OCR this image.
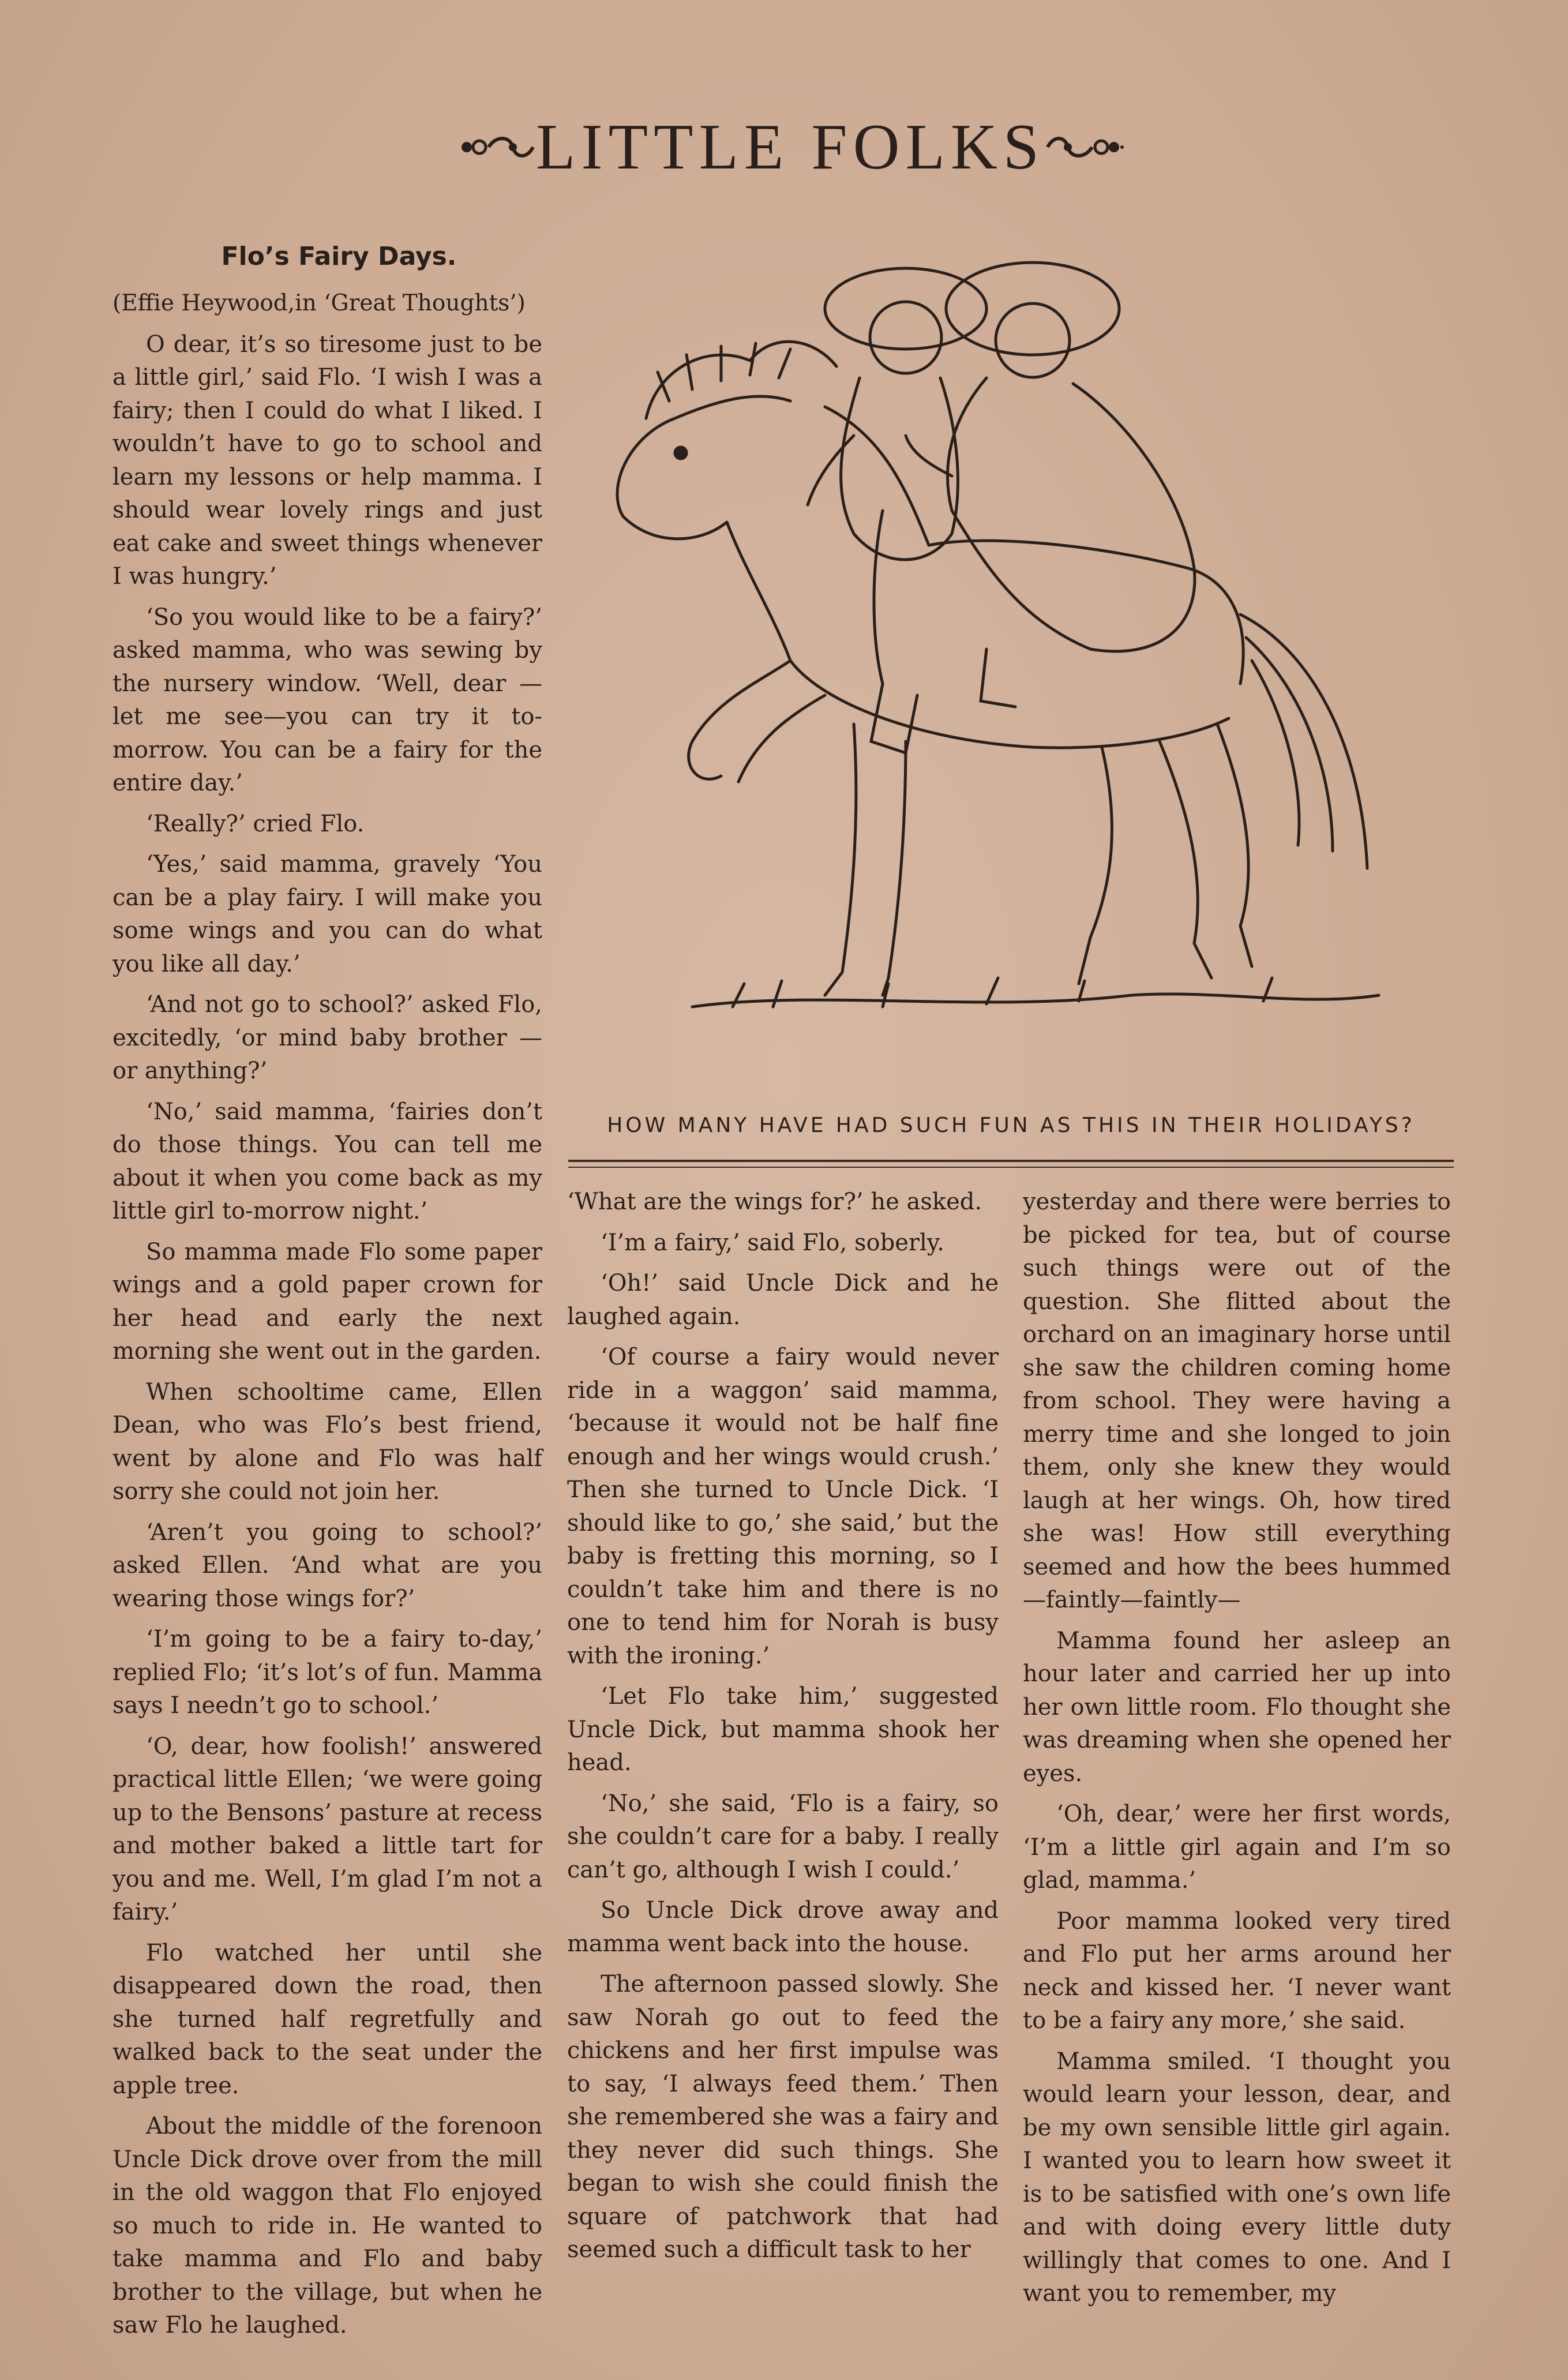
LITTLE FOLKS
Flo’s Fairy Days.

(Effie Heywood,in ‘Great Thoughts’)

O dear, it’s so tiresome just to be a little girl,’ said Flo. ‘I wish I was a fairy; then I could do what I liked. I wouldn’t have to go to school and learn my lessons or help mamma. I should wear lovely rings and just eat cake and sweet things whenever I was hungry.’

‘So you would like to be a fairy?’ asked mamma, who was sewing by the nursery window. ‘Well, dear —let me see—you can try it to-morrow. You can be a fairy for the entire day.’

‘Really?’ cried Flo.

‘Yes,’ said mamma, gravely ‘You can be a play fairy. I will make you some wings and you can do what you like all day.’

‘And not go to school?’ asked Flo, excitedly, ‘or mind baby brother —or anything?’

‘No,’ said mamma, ‘fairies don’t do those things. You can tell me about it when you come back as my little girl to-morrow night.’

So mamma made Flo some paper wings and a gold paper crown for her head and early the next morning she went out in the garden.

When schooltime came, Ellen Dean, who was Flo’s best friend, went by alone and Flo was half sorry she could not join her.

‘Aren’t you going to school?’ asked Ellen. ‘And what are you wearing those wings for?’

‘I’m going to be a fairy to-day,’ replied Flo; ‘it’s lot’s of fun. Mamma says I needn’t go to school.’

‘O, dear, how foolish!’ answered practical little Ellen; ‘we were going up to the Bensons’ pasture at recess and mother baked a little tart for you and me. Well, I’m glad I’m not a fairy.’

Flo watched her until she disappeared down the road, then she turned half regretfully and walked back to the seat under the apple tree.

About the middle of the forenoon Uncle Dick drove over from the mill in the old waggon that Flo enjoyed so much to ride in. He wanted to take mamma and Flo and baby brother to the village, but when he saw Flo he laughed.

HOW MANY HAVE HAD SUCH FUN AS THIS IN THEIR HOLIDAYS?

‘What are the wings for?’ he asked.

‘I’m a fairy,’ said Flo, soberly.

‘Oh!’ said Uncle Dick and he laughed again.

‘Of course a fairy would never ride in a waggon’ said mamma, ‘because it would not be half fine enough and her wings would crush.’ Then she turned to Uncle Dick. ‘I should like to go,’ she said,’ but the baby is fretting this morning, so I couldn’t take him and there is no one to tend him for Norah is busy with the ironing.’

‘Let Flo take him,’ suggested Uncle Dick, but mamma shook her head.

‘No,’ she said, ‘Flo is a fairy, so she couldn’t care for a baby. I really can’t go, although I wish I could.’

So Uncle Dick drove away and mamma went back into the house.

The afternoon passed slowly. She saw Norah go out to feed the chickens and her first impulse was to say, ‘I always feed them.’ Then she remembered she was a fairy and they never did such things. She began to wish she could finish the square of patchwork that had seemed such a difficult task to her

yesterday and there were berries to be picked for tea, but of course such things were out of the question. She flitted about the orchard on an imaginary horse until she saw the children coming home from school. They were having a merry time and she longed to join them, only she knew they would laugh at her wings. Oh, how tired she was! How still everything seemed and how the bees hummed—faintly—faintly—

Mamma found her asleep an hour later and carried her up into her own little room. Flo thought she was dreaming when she opened her eyes.

‘Oh, dear,’ were her first words, ‘I’m a little girl again and I’m so glad, mamma.’

Poor mamma looked very tired and Flo put her arms around her neck and kissed her. ‘I never want to be a fairy any more,’ she said.

Mamma smiled. ‘I thought you would learn your lesson, dear, and be my own sensible little girl again. I wanted you to learn how sweet it is to be satisfied with one’s own life and with doing every little duty willingly that comes to one. And I want you to remember, my
